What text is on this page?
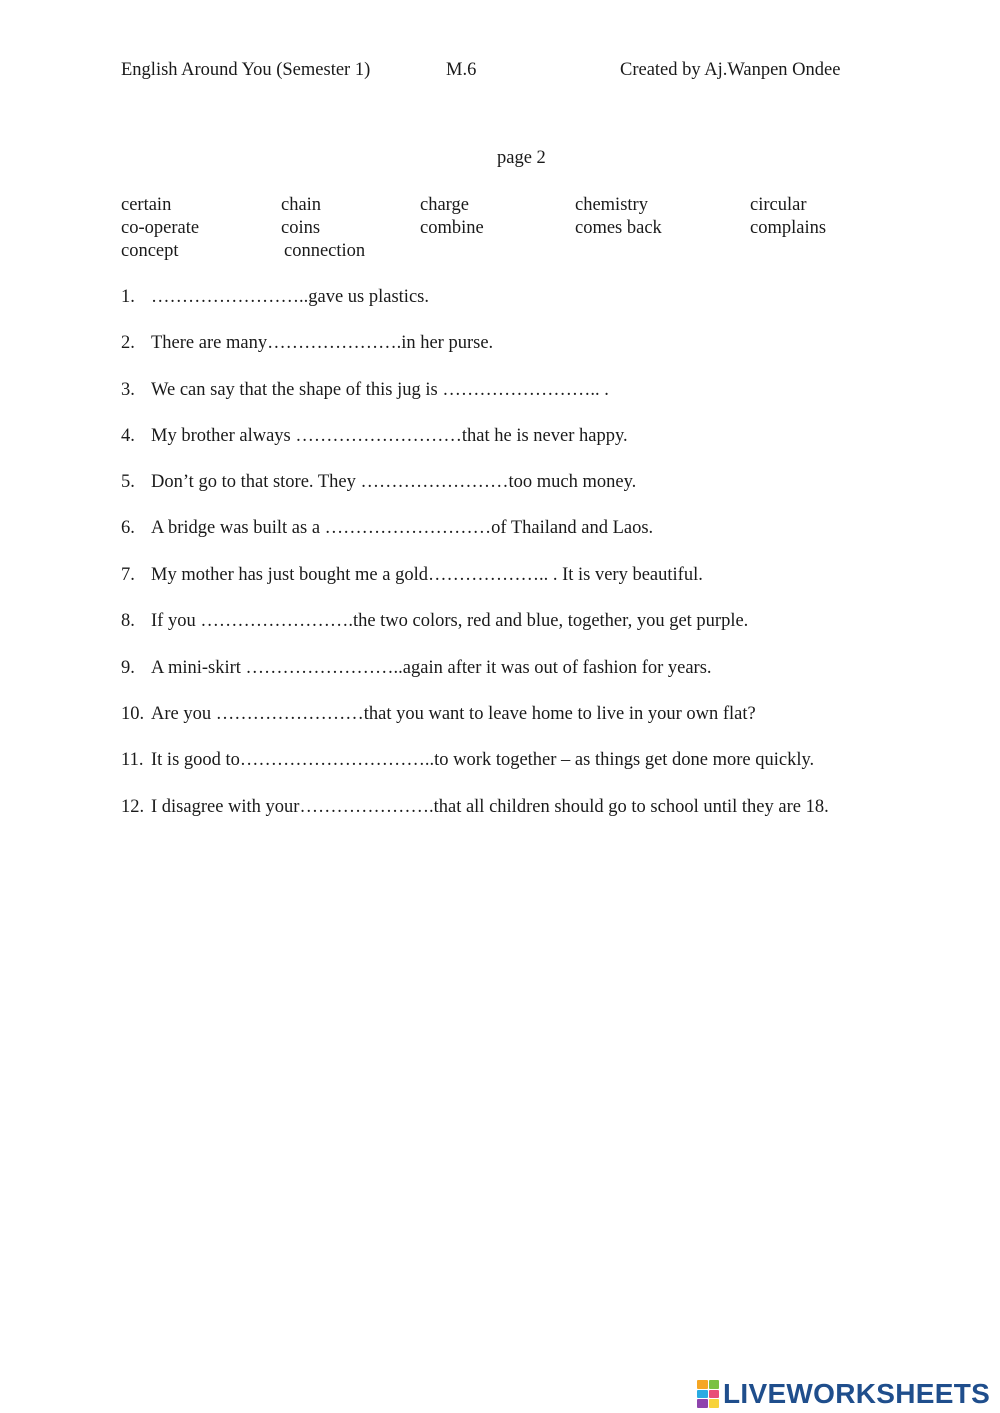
English Around You (Semester 1)	M.6	Created by Aj.Wanpen Ondee
page 2
certain	chain	charge	chemistry	circular
co-operate	coins	combine	comes back	complains
concept	connection
1. ……………………..gave us plastics.
2. There are many………………….in her purse.
3. We can say that the shape of this jug is …………………….. .
4. My brother always ………………………that he is never happy.
5. Don’t go to that store. They ……………………too much money.
6. A bridge was built as a ………………………of Thailand and Laos.
7. My mother has just bought me a gold……………….. . It is very beautiful.
8. If you …………………….the two colors, red and blue, together, you get purple.
9. A mini-skirt ……………………..again after it was out of fashion for years.
10. Are you ……………………that you want to leave home to live in your own flat?
11. It is good to…………………………..to work together – as things get done more quickly.
12. I disagree with your………………….that all children should go to school until they are 18.
LIVEWORKSHEETS
